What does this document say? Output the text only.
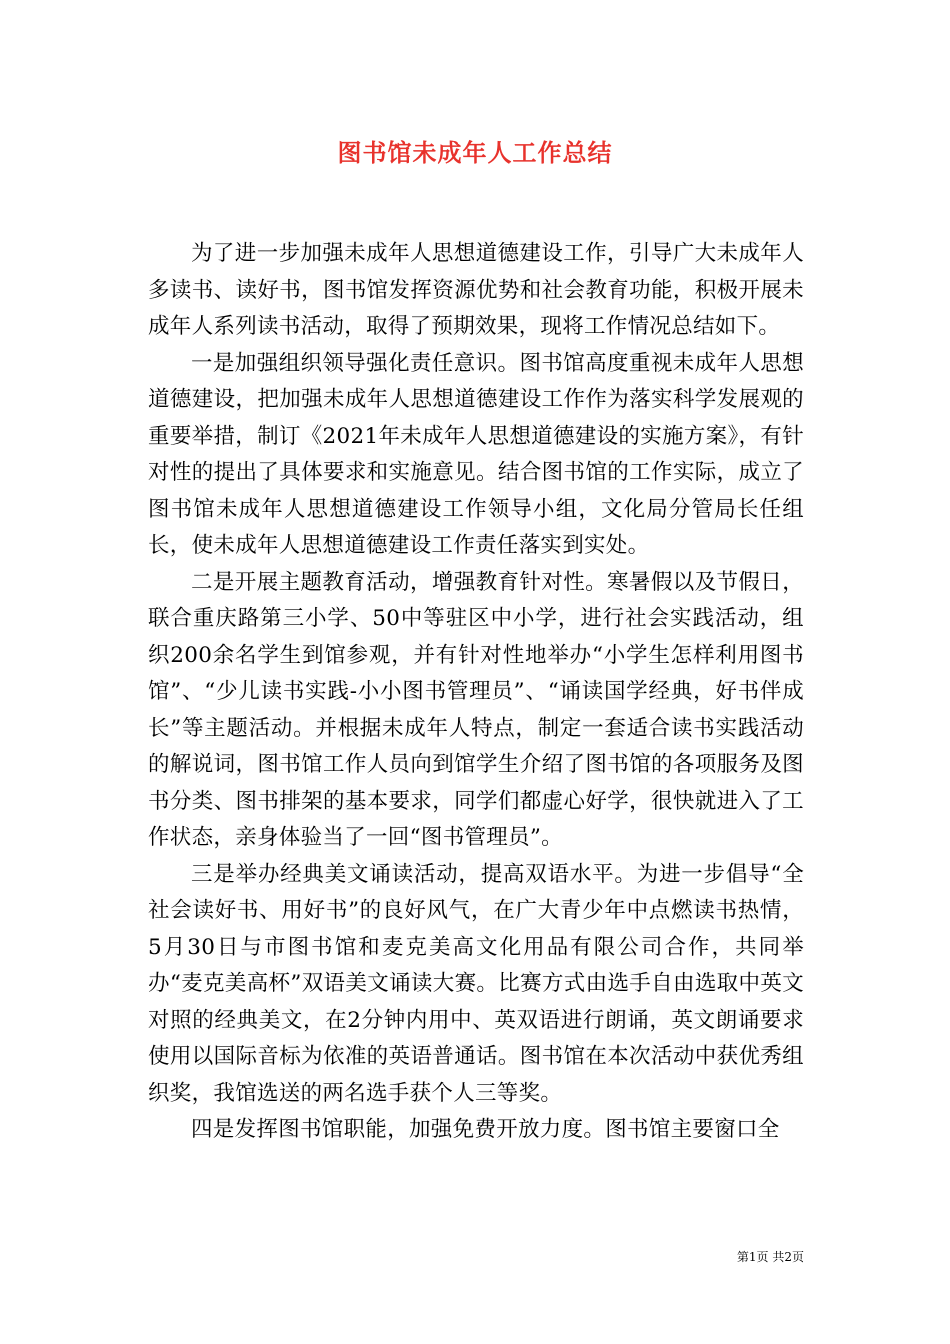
图书馆未成年人工作总结

为了进一步加强未成年人思想道德建设工作，引导广大未成年人多读书、读好书，图书馆发挥资源优势和社会教育功能，积极开展未成年人系列读书活动，取得了预期效果，现将工作情况总结如下。

一是加强组织领导强化责任意识。图书馆高度重视未成年人思想道德建设，把加强未成年人思想道德建设工作作为落实科学发展观的重要举措，制订《2021年未成年人思想道德建设的实施方案》，有针对性的提出了具体要求和实施意见。结合图书馆的工作实际，成立了图书馆未成年人思想道德建设工作领导小组，文化局分管局长任组长，使未成年人思想道德建设工作责任落实到实处。

二是开展主题教育活动，增强教育针对性。寒暑假以及节假日，联合重庆路第三小学、50中等驻区中小学，进行社会实践活动，组织200余名学生到馆参观，并有针对性地举办“小学生怎样利用图书馆”、“少儿读书实践-小小图书管理员”、“诵读国学经典，好书伴成长”等主题活动。并根据未成年人特点，制定一套适合读书实践活动的解说词，图书馆工作人员向到馆学生介绍了图书馆的各项服务及图书分类、图书排架的基本要求，同学们都虚心好学，很快就进入了工作状态，亲身体验当了一回“图书管理员”。

三是举办经典美文诵读活动，提高双语水平。为进一步倡导“全社会读好书、用好书”的良好风气，在广大青少年中点燃读书热情，5月30日与市图书馆和麦克美高文化用品有限公司合作，共同举办“麦克美高杯”双语美文诵读大赛。比赛方式由选手自由选取中英文对照的经典美文，在2分钟内用中、英双语进行朗诵，英文朗诵要求使用以国际音标为依准的英语普通话。图书馆在本次活动中获优秀组织奖，我馆选送的两名选手获个人三等奖。

四是发挥图书馆职能，加强免费开放力度。图书馆主要窗口全

第1页 共2页
